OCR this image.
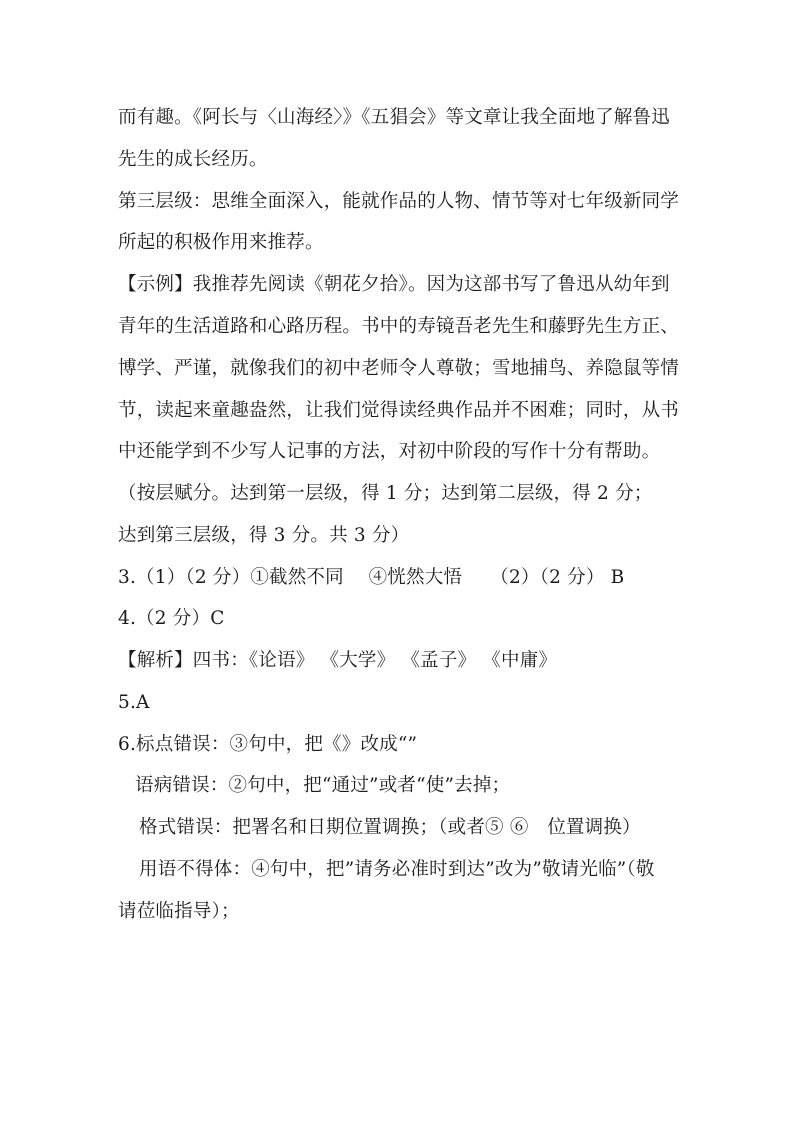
而有趣。《阿长与〈山海经〉》《五猖会》等文章让我全面地了解鲁迅
先生的成长经历。
第三层级：思维全面深入，能就作品的人物、情节等对七年级新同学
所起的积极作用来推荐。
【示例】我推荐先阅读《朝花夕拾》。因为这部书写了鲁迅从幼年到
青年的生活道路和心路历程。书中的寿镜吾老先生和藤野先生方正、
博学、严谨，就像我们的初中老师令人尊敬；雪地捕鸟、养隐鼠等情
节，读起来童趣盎然，让我们觉得读经典作品并不困难；同时，从书
中还能学到不少写人记事的方法，对初中阶段的写作十分有帮助。
（按层赋分。达到第一层级，得 1 分；达到第二层级，得 2 分；
达到第三层级，得 3 分。共 3 分）
3.（1）（2 分）①截然不同　 ④恍然大悟　　（2）（2 分） B
4.（2 分）C
【解析】四书：《论语》 《大学》 《孟子》 《中庸》
5.A
6.标点错误：③句中，把《》改成“”
语病错误：②句中，把“通过”或者“使”去掉；
格式错误：把署名和日期位置调换；（或者⑤ ⑥　位置调换）
用语不得体：④句中，把”请务必准时到达”改为”敬请光临”（敬
请莅临指导）；
